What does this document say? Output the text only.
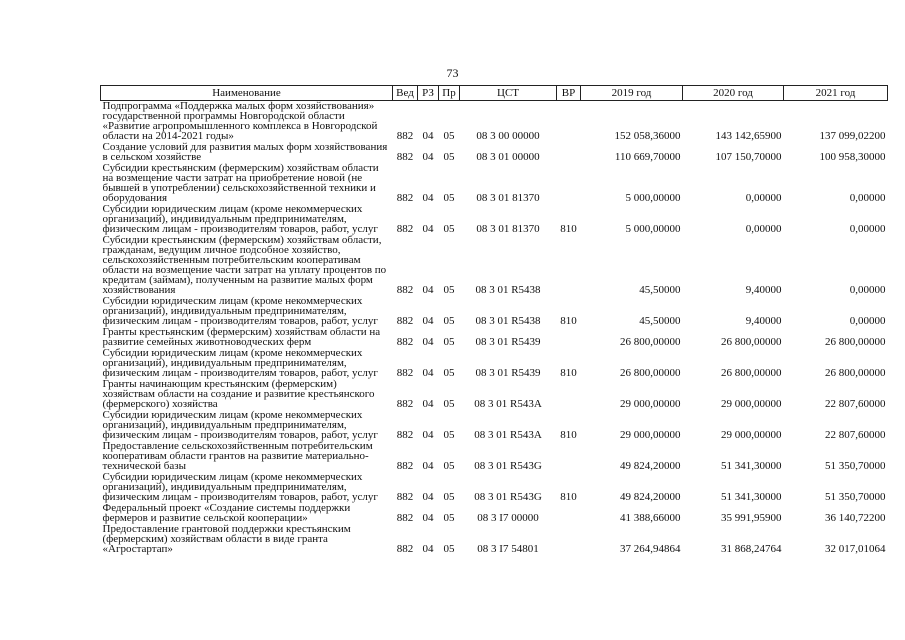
73
Наименование	Вед	РЗ	Пр	ЦСТ	ВР	2019 год	2020 год	2021 год
Подпрограмма «Поддержка малых форм хозяйствования» государственной программы Новгородской области «Развитие агропромышленного комплекса в Новгородской области на 2014-2021 годы»	882	04	05	08 3 00 00000		152 058,36000	143 142,65900	137 099,02200
Создание условий для развития малых форм хозяйствования в сельском хозяйстве	882	04	05	08 3 01 00000		110 669,70000	107 150,70000	100 958,30000
Субсидии крестьянским (фермерским) хозяйствам области на возмещение части затрат на приобретение новой (не бывшей в употреблении) сельскохозяйственной техники и оборудования	882	04	05	08 3 01 81370		5 000,00000	0,00000	0,00000
Субсидии юридическим лицам (кроме некоммерческих организаций), индивидуальным предпринимателям, физическим лицам - производителям товаров, работ, услуг	882	04	05	08 3 01 81370	810	5 000,00000	0,00000	0,00000
Субсидии крестьянским (фермерским) хозяйствам области, гражданам, ведущим личное подсобное хозяйство, сельскохозяйственным потребительским кооперативам области на возмещение части затрат на уплату процентов по кредитам (займам), полученным на развитие малых форм хозяйствования	882	04	05	08 3 01 R5438		45,50000	9,40000	0,00000
Субсидии юридическим лицам (кроме некоммерческих организаций), индивидуальным предпринимателям, физическим лицам - производителям товаров, работ, услуг	882	04	05	08 3 01 R5438	810	45,50000	9,40000	0,00000
Гранты крестьянским (фермерским) хозяйствам области на развитие семейных животноводческих ферм	882	04	05	08 3 01 R5439		26 800,00000	26 800,00000	26 800,00000
Субсидии юридическим лицам (кроме некоммерческих организаций), индивидуальным предпринимателям, физическим лицам - производителям товаров, работ, услуг	882	04	05	08 3 01 R5439	810	26 800,00000	26 800,00000	26 800,00000
Гранты начинающим крестьянским (фермерским) хозяйствам области на создание и развитие крестьянского (фермерского) хозяйства	882	04	05	08 3 01 R543A		29 000,00000	29 000,00000	22 807,60000
Субсидии юридическим лицам (кроме некоммерческих организаций), индивидуальным предпринимателям, физическим лицам - производителям товаров, работ, услуг	882	04	05	08 3 01 R543A	810	29 000,00000	29 000,00000	22 807,60000
Предоставление сельскохозяйственным потребительским кооперативам области грантов на развитие материально-технической базы	882	04	05	08 3 01 R543G		49 824,20000	51 341,30000	51 350,70000
Субсидии юридическим лицам (кроме некоммерческих организаций), индивидуальным предпринимателям, физическим лицам - производителям товаров, работ, услуг	882	04	05	08 3 01 R543G	810	49 824,20000	51 341,30000	51 350,70000
Федеральный проект «Создание системы поддержки фермеров и развитие сельской кооперации»	882	04	05	08 3 I7 00000		41 388,66000	35 991,95900	36 140,72200
Предоставление грантовой поддержки крестьянским (фермерским) хозяйствам области в виде гранта «Агростартап»	882	04	05	08 3 I7 54801		37 264,94864	31 868,24764	32 017,01064
